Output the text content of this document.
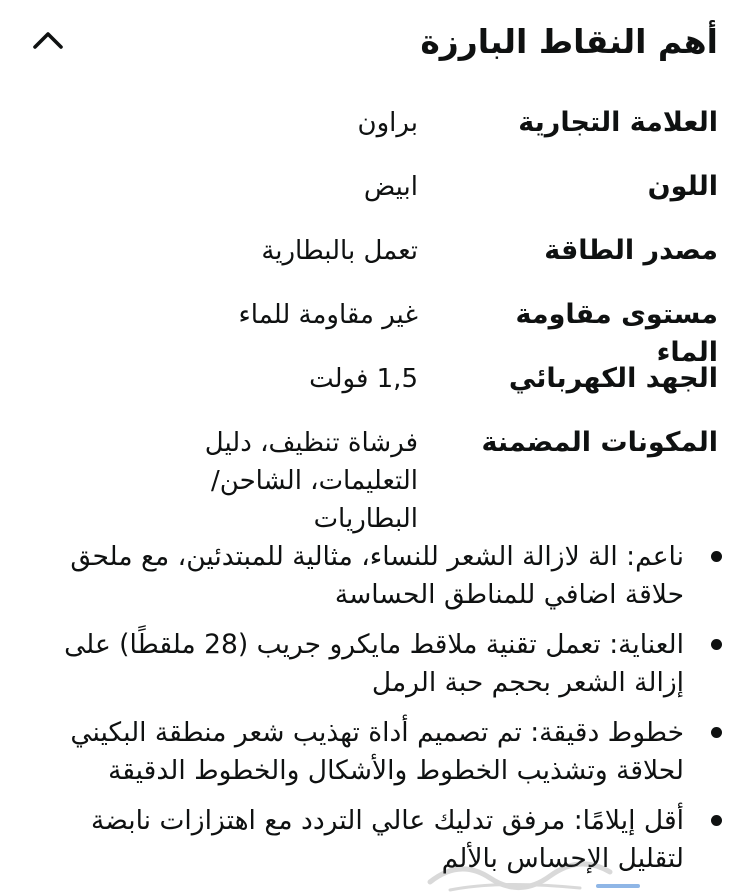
أهم النقاط البارزة
العلامة التجارية
براون
اللون
ابيض
مصدر الطاقة
تعمل بالبطارية
مستوى مقاومة الماء
غير مقاومة للماء
الجهد الكهربائي
1,5 فولت
المكونات المضمنة
فرشاة تنظيف، دليل التعليمات، الشاحن/البطاريات
ناعم: الة لازالة الشعر للنساء، مثالية للمبتدئين، مع ملحق حلاقة اضافي للمناطق الحساسة
العناية: تعمل تقنية ملاقط مايكرو جريب (28 ملقطًا) على إزالة الشعر بحجم حبة الرمل
خطوط دقيقة: تم تصميم أداة تهذيب شعر منطقة البكيني لحلاقة وتشذيب الخطوط والأشكال والخطوط الدقيقة
أقل إيلامًا: مرفق تدليك عالي التردد مع اهتزازات نابضة لتقليل الإحساس بالألم
